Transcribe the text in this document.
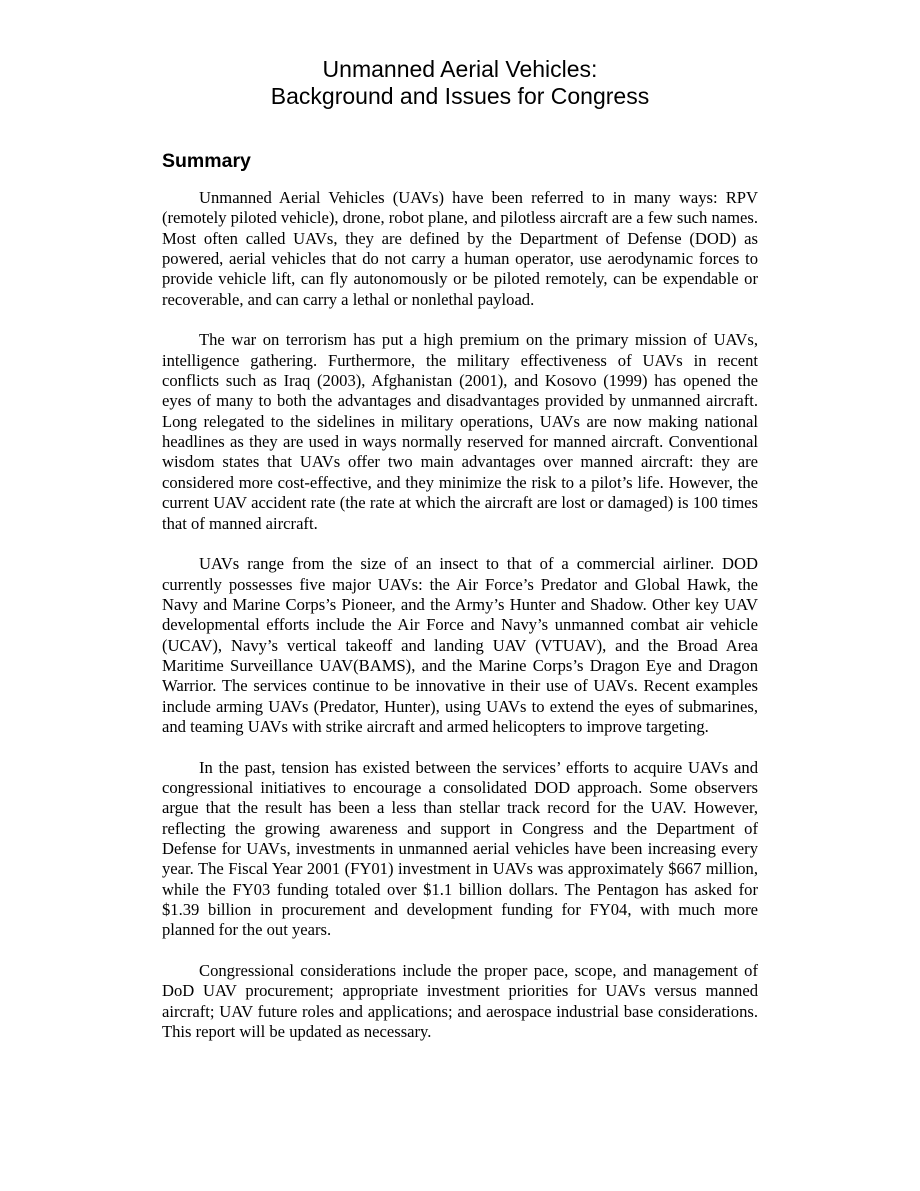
Unmanned Aerial Vehicles:
Background and Issues for Congress
Summary

Unmanned Aerial Vehicles (UAVs) have been referred to in many ways: RPV (remotely piloted vehicle), drone, robot plane, and pilotless aircraft are a few such names. Most often called UAVs, they are defined by the Department of Defense (DOD) as powered, aerial vehicles that do not carry a human operator, use aerodynamic forces to provide vehicle lift, can fly autonomously or be piloted remotely, can be expendable or recoverable, and can carry a lethal or nonlethal payload.

The war on terrorism has put a high premium on the primary mission of UAVs, intelligence gathering. Furthermore, the military effectiveness of UAVs in recent conflicts such as Iraq (2003), Afghanistan (2001), and Kosovo (1999) has opened the eyes of many to both the advantages and disadvantages provided by unmanned aircraft. Long relegated to the sidelines in military operations, UAVs are now making national headlines as they are used in ways normally reserved for manned aircraft. Conventional wisdom states that UAVs offer two main advantages over manned aircraft: they are considered more cost-effective, and they minimize the risk to a pilot’s life. However, the current UAV accident rate (the rate at which the aircraft are lost or damaged) is 100 times that of manned aircraft.

UAVs range from the size of an insect to that of a commercial airliner. DOD currently possesses five major UAVs: the Air Force’s Predator and Global Hawk, the Navy and Marine Corps’s Pioneer, and the Army’s Hunter and Shadow. Other key UAV developmental efforts include the Air Force and Navy’s unmanned combat air vehicle (UCAV), Navy’s vertical takeoff and landing UAV (VTUAV), and the Broad Area Maritime Surveillance UAV(BAMS), and the Marine Corps’s Dragon Eye and Dragon Warrior. The services continue to be innovative in their use of UAVs. Recent examples include arming UAVs (Predator, Hunter), using UAVs to extend the eyes of submarines, and teaming UAVs with strike aircraft and armed helicopters to improve targeting.

In the past, tension has existed between the services’ efforts to acquire UAVs and congressional initiatives to encourage a consolidated DOD approach. Some observers argue that the result has been a less than stellar track record for the UAV. However, reflecting the growing awareness and support in Congress and the Department of Defense for UAVs, investments in unmanned aerial vehicles have been increasing every year. The Fiscal Year 2001 (FY01) investment in UAVs was approximately $667 million, while the FY03 funding totaled over $1.1 billion dollars. The Pentagon has asked for $1.39 billion in procurement and development funding for FY04, with much more planned for the out years.

Congressional considerations include the proper pace, scope, and management of DoD UAV procurement; appropriate investment priorities for UAVs versus manned aircraft; UAV future roles and applications; and aerospace industrial base considerations. This report will be updated as necessary.
